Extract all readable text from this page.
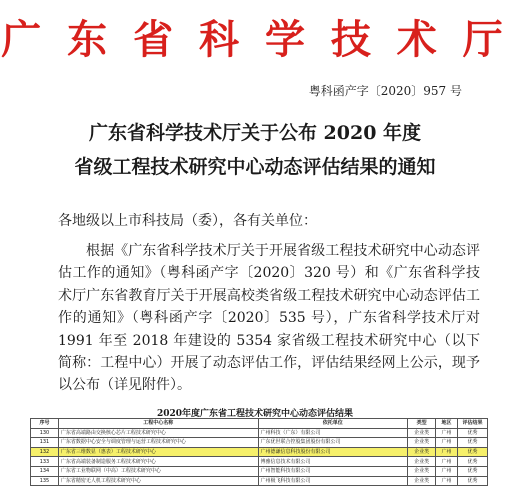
广 东 省 科 学 技 术 厅
粤科函产字〔2020〕957 号
广东省科学技术厅关于公布 2020 年度
省级工程技术研究中心动态评估结果的通知
各地级以上市科技局（委），各有关单位：
根据《广东省科学技术厅关于开展省级工程技术研究中心动态评估工作的通知》（粤科函产字〔2020〕320 号）和《广东省科学技术厅广东省教育厅关于开展高校类省级工程技术研究中心动态评估工作的通知》（粤科函产字〔2020〕535 号），广东省科学技术厅对 1991 年至 2018 年建设的 5354 家省级工程技术研究中心（以下简称：工程中心）开展了动态评估工作，评估结果经网上公示，现予以公布（详见附件）。
2020年度广东省工程技术研究中心动态评估结果
序号	工程中心名称	依托单位	类型	地区	评估结果
130	广东省高端路由交换核心芯片工程技术研究中心	广州科技（广东）有限公司	企业类	广州	优秀
131	广东省数据中心安全与调度管理与运营工程技术研究中心	广东优世联合控股集团股份有限公司	企业类	广州	优秀
132	广东省三维数显（惠表）工程技术研究中心	广州德谦信息科技股份有限公司	企业类	广州	优秀
133	广东省高端装备制造服务工程技术研究中心	博雅信息技术有限公司	企业类	广州	优秀
134	广东省工业物联网（中高）工程技术研究中心	广州智能科技有限公司	企业类	广州	优秀
135	广东省精密无人机工程技术研究中心	广州极飞科技有限公司	企业类	广州	优秀
